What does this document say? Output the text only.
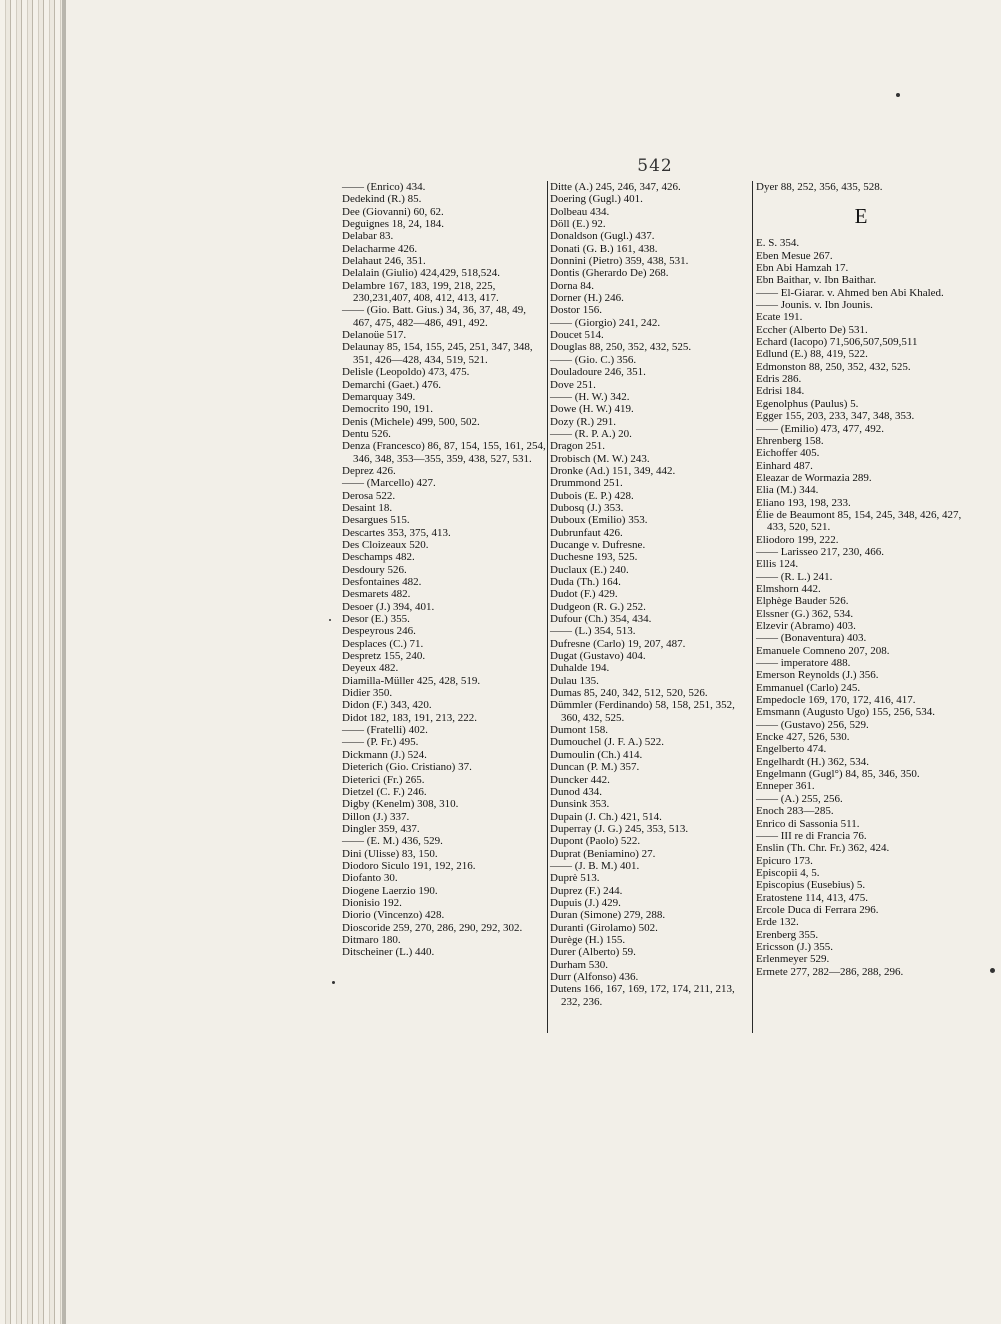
542
—— (Enrico) 434.
Dedekind (R.) 85.
Dee (Giovanni) 60, 62.
Deguignes 18, 24, 184.
Delabar 83.
Delacharme 426.
Delahaut 246, 351.
Delalain (Giulio) 424,429, 518,524.
Delambre 167, 183, 199, 218, 225, 230,231,407, 408, 412, 413, 417.
—— (Gio. Batt. Gius.) 34, 36, 37, 48, 49, 467, 475, 482—486, 491, 492.
Delanoüe 517.
Delaunay 85, 154, 155, 245, 251, 347, 348, 351, 426—428, 434, 519, 521.
Delisle (Leopoldo) 473, 475.
Demarchi (Gaet.) 476.
Demarquay 349.
Democrito 190, 191.
Denis (Michele) 499, 500, 502.
Dentu 526.
Denza (Francesco) 86, 87, 154, 155, 161, 254, 346, 348, 353—355, 359, 438, 527, 531.
Deprez 426.
—— (Marcello) 427.
Derosa 522.
Desaint 18.
Desargues 515.
Descartes 353, 375, 413.
Des Cloizeaux 520.
Deschamps 482.
Desdoury 526.
Desfontaines 482.
Desmarets 482.
Desoer (J.) 394, 401.
Desor (E.) 355.
Despeyrous 246.
Desplaces (C.) 71.
Despretz 155, 240.
Deyeux 482.
Diamilla-Müller 425, 428, 519.
Didier 350.
Didon (F.) 343, 420.
Didot 182, 183, 191, 213, 222.
—— (Fratelli) 402.
—— (P. Fr.) 495.
Dickmann (J.) 524.
Dieterich (Gio. Cristiano) 37.
Dieterici (Fr.) 265.
Dietzel (C. F.) 246.
Digby (Kenelm) 308, 310.
Dillon (J.) 337.
Dingler 359, 437.
—— (E. M.) 436, 529.
Dini (Ulisse) 83, 150.
Diodoro Siculo 191, 192, 216.
Diofanto 30.
Diogene Laerzio 190.
Dionisio 192.
Diorio (Vincenzo) 428.
Dioscoride 259, 270, 286, 290, 292, 302.
Ditmaro 180.
Ditscheiner (L.) 440.
Ditte (A.) 245, 246, 347, 426.
Doering (Gugl.) 401.
Dolbeau 434.
Döll (E.) 92.
Donaldson (Gugl.) 437.
Donati (G. B.) 161, 438.
Donnini (Pietro) 359, 438, 531.
Dontis (Gherardo De) 268.
Dorna 84.
Dorner (H.) 246.
Dostor 156.
—— (Giorgio) 241, 242.
Doucet 514.
Douglas 88, 250, 352, 432, 525.
—— (Gio. C.) 356.
Douladoure 246, 351.
Dove 251.
—— (H. W.) 342.
Dowe (H. W.) 419.
Dozy (R.) 291.
—— (R. P. A.) 20.
Dragon 251.
Drobisch (M. W.) 243.
Dronke (Ad.) 151, 349, 442.
Drummond 251.
Dubois (E. P.) 428.
Dubosq (J.) 353.
Duboux (Emilio) 353.
Dubrunfaut 426.
Ducange v. Dufresne.
Duchesne 193, 525.
Duclaux (E.) 240.
Duda (Th.) 164.
Dudot (F.) 429.
Dudgeon (R. G.) 252.
Dufour (Ch.) 354, 434.
—— (L.) 354, 513.
Dufresne (Carlo) 19, 207, 487.
Dugat (Gustavo) 404.
Duhalde 194.
Dulau 135.
Dumas 85, 240, 342, 512, 520, 526.
Dümmler (Ferdinando) 58, 158, 251, 352, 360, 432, 525.
Dumont 158.
Dumouchel (J. F. A.) 522.
Dumoulin (Ch.) 414.
Duncan (P. M.) 357.
Duncker 442.
Dunod 434.
Dunsink 353.
Dupain (J. Ch.) 421, 514.
Duperray (J. G.) 245, 353, 513.
Dupont (Paolo) 522.
Duprat (Beniamino) 27.
—— (J. B. M.) 401.
Duprè 513.
Duprez (F.) 244.
Dupuis (J.) 429.
Duran (Simone) 279, 288.
Duranti (Girolamo) 502.
Durège (H.) 155.
Durer (Alberto) 59.
Durham 530.
Durr (Alfonso) 436.
Dutens 166, 167, 169, 172, 174, 211, 213, 232, 236.
Dyer 88, 252, 356, 435, 528.
E
E. S. 354.
Eben Mesue 267.
Ebn Abi Hamzah 17.
Ebn Baithar, v. Ibn Baithar.
—— El-Giarar. v. Ahmed ben Abi Khaled.
—— Jounis. v. Ibn Jounis.
Ecate 191.
Eccher (Alberto De) 531.
Echard (Iacopo) 71,506,507,509,511
Edlund (E.) 88, 419, 522.
Edmonston 88, 250, 352, 432, 525.
Edris 286.
Edrisi 184.
Egenolphus (Paulus) 5.
Egger 155, 203, 233, 347, 348, 353.
—— (Emilio) 473, 477, 492.
Ehrenberg 158.
Eichoffer 405.
Einhard 487.
Eleazar de Wormazia 289.
Elia (M.) 344.
Eliano 193, 198, 233.
Élie de Beaumont 85, 154, 245, 348, 426, 427, 433, 520, 521.
Eliodoro 199, 222.
—— Larisseo 217, 230, 466.
Ellis 124.
—— (R. L.) 241.
Elmshorn 442.
Elphège Bauder 526.
Elssner (G.) 362, 534.
Elzevir (Abramo) 403.
—— (Bonaventura) 403.
Emanuele Comneno 207, 208.
—— imperatore 488.
Emerson Reynolds (J.) 356.
Emmanuel (Carlo) 245.
Empedocle 169, 170, 172, 416, 417.
Emsmann (Augusto Ugo) 155, 256, 534.
—— (Gustavo) 256, 529.
Encke 427, 526, 530.
Engelberto 474.
Engelhardt (H.) 362, 534.
Engelmann (Gugl°) 84, 85, 346, 350.
Enneper 361.
—— (A.) 255, 256.
Enoch 283—285.
Enrico di Sassonia 511.
—— III re di Francia 76.
Enslin (Th. Chr. Fr.) 362, 424.
Epicuro 173.
Episcopii 4, 5.
Episcopius (Eusebius) 5.
Eratostene 114, 413, 475.
Ercole Duca di Ferrara 296.
Erde 132.
Erenberg 355.
Ericsson (J.) 355.
Erlenmeyer 529.
Ermete 277, 282—286, 288, 296.
